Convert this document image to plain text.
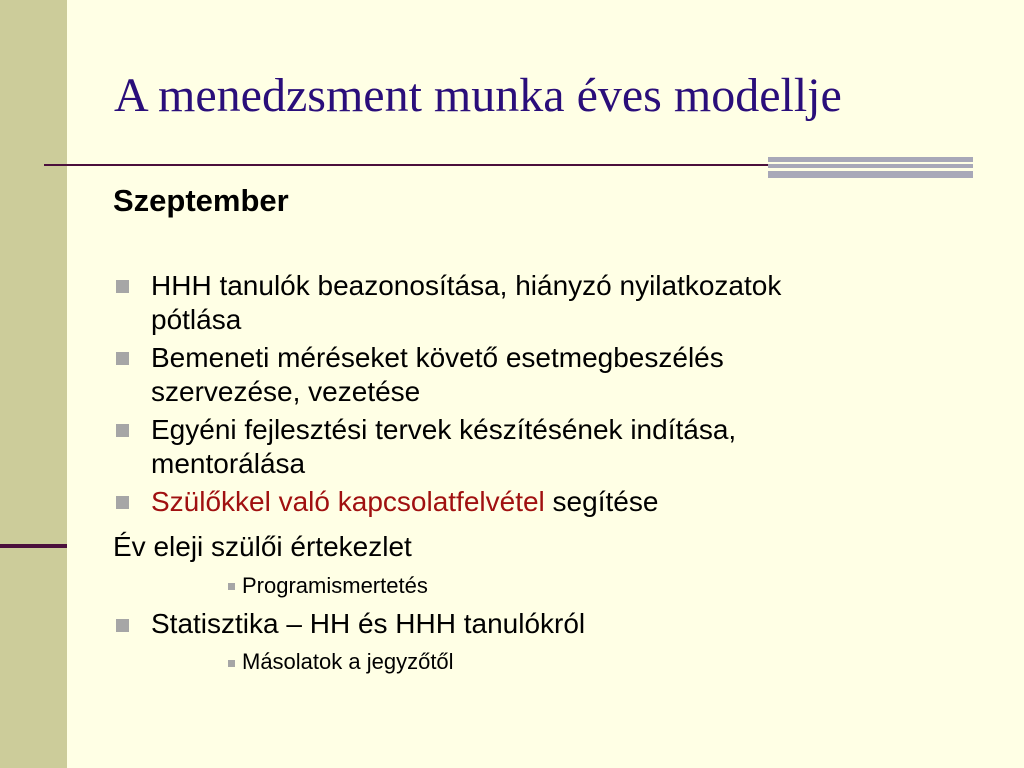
A menedzsment munka éves modellje
Szeptember
HHH tanulók beazonosítása, hiányzó nyilatkozatok
pótlása
Bemeneti méréseket követő esetmegbeszélés
szervezése, vezetése
Egyéni fejlesztési tervek készítésének indítása,
mentorálása
Szülőkkel való kapcsolatfelvétel segítése
Év eleji szülői értekezlet
Programismertetés
Statisztika – HH és HHH tanulókról
Másolatok a jegyzőtől
